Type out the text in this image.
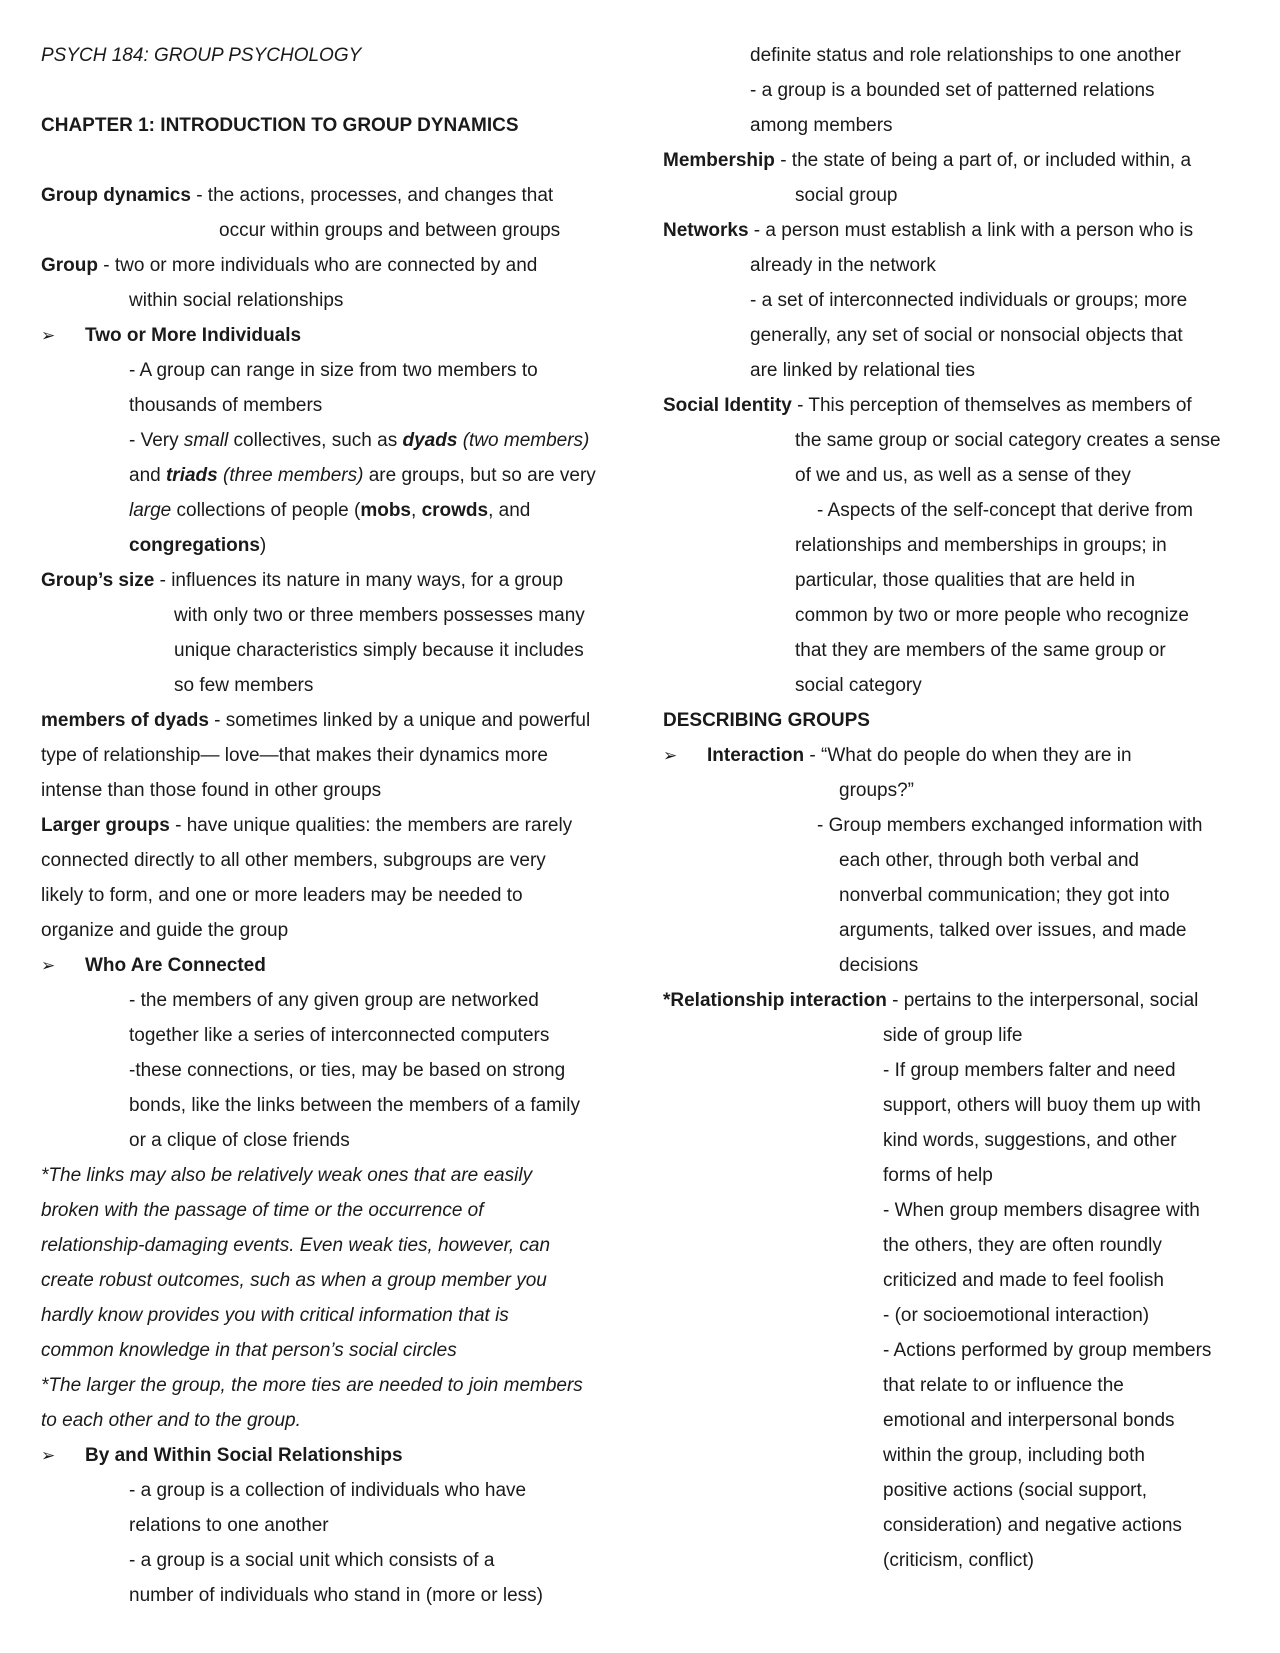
PSYCH 184: GROUP PSYCHOLOGY
CHAPTER 1: INTRODUCTION TO GROUP DYNAMICS
Group dynamics - the actions, processes, and changes that
occur within groups and between groups
Group - two or more individuals who are connected by and
within social relationships
➢ Two or More Individuals
- A group can range in size from two members to
thousands of members
- Very small collectives, such as dyads (two members)
and triads (three members) are groups, but so are very
large collections of people (mobs, crowds, and
congregations)
Group’s size - influences its nature in many ways, for a group
with only two or three members possesses many
unique characteristics simply because it includes
so few members
members of dyads - sometimes linked by a unique and powerful
type of relationship— love—that makes their dynamics more
intense than those found in other groups
Larger groups - have unique qualities: the members are rarely
connected directly to all other members, subgroups are very
likely to form, and one or more leaders may be needed to
organize and guide the group
➢ Who Are Connected
- the members of any given group are networked
together like a series of interconnected computers
-these connections, or ties, may be based on strong
bonds, like the links between the members of a family
or a clique of close friends
*The links may also be relatively weak ones that are easily
broken with the passage of time or the occurrence of
relationship-damaging events. Even weak ties, however, can
create robust outcomes, such as when a group member you
hardly know provides you with critical information that is
common knowledge in that person’s social circles
*The larger the group, the more ties are needed to join members
to each other and to the group.
➢ By and Within Social Relationships
- a group is a collection of individuals who have
relations to one another
- a group is a social unit which consists of a
number of individuals who stand in (more or less)
definite status and role relationships to one another
- a group is a bounded set of patterned relations
among members
Membership - the state of being a part of, or included within, a
social group
Networks - a person must establish a link with a person who is
already in the network
- a set of interconnected individuals or groups; more
generally, any set of social or nonsocial objects that
are linked by relational ties
Social Identity - This perception of themselves as members of
the same group or social category creates a sense
of we and us, as well as a sense of they
- Aspects of the self-concept that derive from
relationships and memberships in groups; in
particular, those qualities that are held in
common by two or more people who recognize
that they are members of the same group or
social category
DESCRIBING GROUPS
➢ Interaction - “What do people do when they are in
groups?”
- Group members exchanged information with
each other, through both verbal and
nonverbal communication; they got into
arguments, talked over issues, and made
decisions
*Relationship interaction - pertains to the interpersonal, social
side of group life
- If group members falter and need
support, others will buoy them up with
kind words, suggestions, and other
forms of help
- When group members disagree with
the others, they are often roundly
criticized and made to feel foolish
- (or socioemotional interaction)
- Actions performed by group members
that relate to or influence the
emotional and interpersonal bonds
within the group, including both
positive actions (social support,
consideration) and negative actions
(criticism, conflict)
